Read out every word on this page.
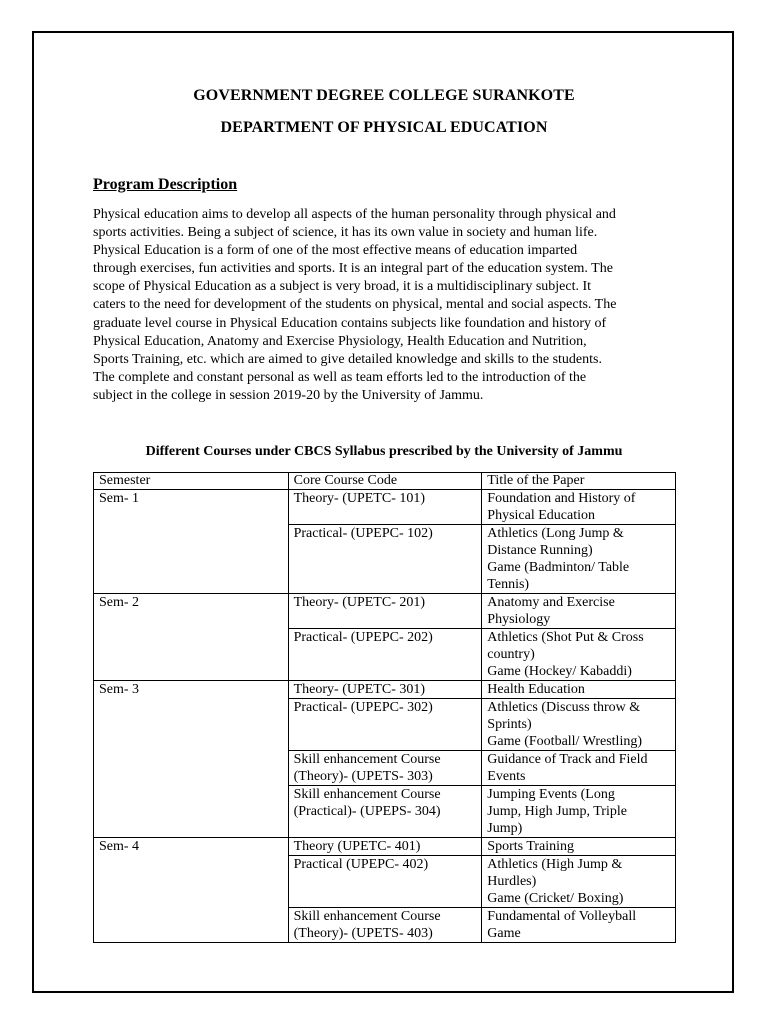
GOVERNMENT DEGREE COLLEGE SURANKOTE
DEPARTMENT OF PHYSICAL EDUCATION
Program Description

Physical education aims to develop all aspects of the human personality through physical and
sports activities. Being a subject of science, it has its own value in society and human life.
Physical Education is a form of one of the most effective means of education imparted
through exercises, fun activities and sports. It is an integral part of the education system. The
scope of Physical Education as a subject is very broad, it is a multidisciplinary subject. It
caters to the need for development of the students on physical, mental and social aspects. The
graduate level course in Physical Education contains subjects like foundation and history of
Physical Education, Anatomy and Exercise Physiology, Health Education and Nutrition,
Sports Training, etc. which are aimed to give detailed knowledge and skills to the students.
The complete and constant personal as well as team efforts led to the introduction of the
subject in the college in session 2019-20 by the University of Jammu.

Different Courses under CBCS Syllabus prescribed by the University of Jammu
Semester	Core Course Code	Title of the Paper
Sem- 1	Theory- (UPETC- 101)	Foundation and History of
Physical Education

	Practical- (UPEPC- 102)	Athletics (Long Jump &
Distance Running)
Game (Badminton/ Table
Tennis)

Sem- 2	Theory- (UPETC- 201)	Anatomy and Exercise
Physiology

	Practical- (UPEPC- 202)	Athletics (Shot Put & Cross
country)
Game (Hockey/ Kabaddi)

Sem- 3	Theory- (UPETC- 301)	Health Education

	Practical- (UPEPC- 302)	Athletics (Discuss throw &
Sprints)
Game (Football/ Wrestling)

	Skill enhancement Course
(Theory)- (UPETS- 303)	Guidance of Track and Field
Events

	Skill enhancement Course
(Practical)- (UPEPS- 304)	Jumping Events (Long
Jump, High Jump, Triple
Jump)

Sem- 4	Theory (UPETC- 401)	Sports Training

	Practical (UPEPC- 402)	Athletics (High Jump &
Hurdles)
Game (Cricket/ Boxing)

	Skill enhancement Course
(Theory)- (UPETS- 403)	Fundamental of Volleyball
Game
